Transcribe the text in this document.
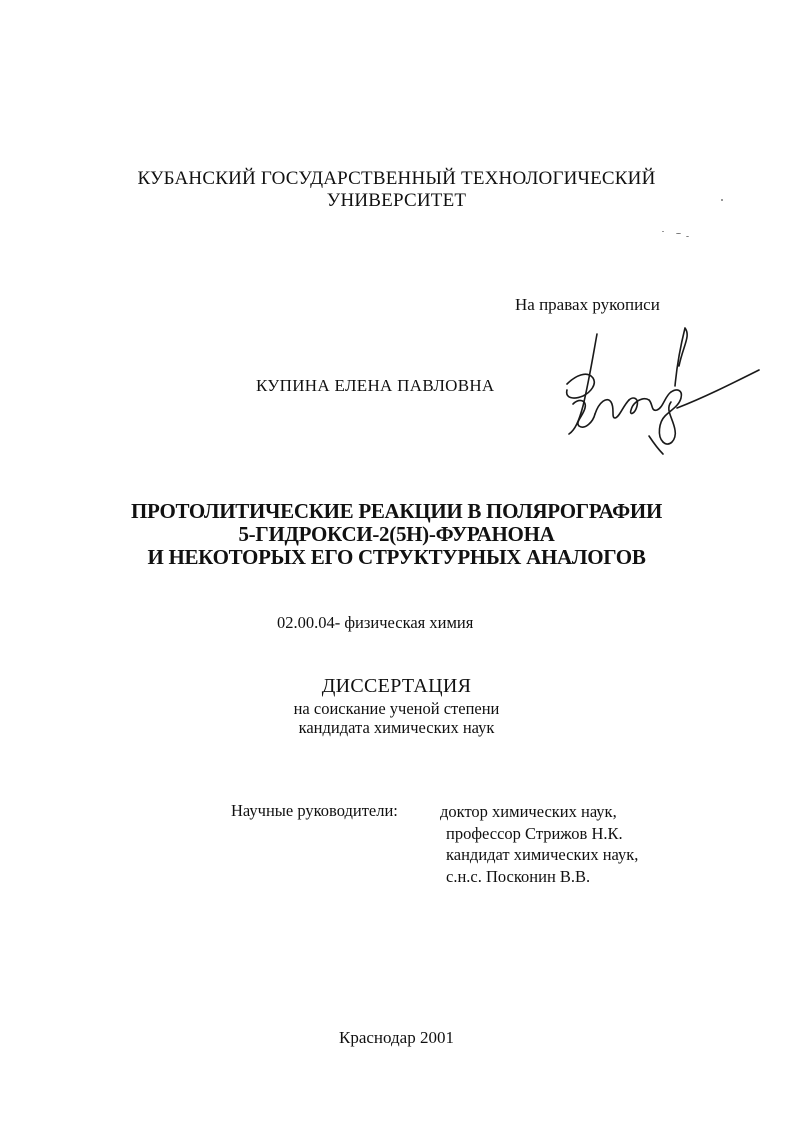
КУБАНСКИЙ ГОСУДАРСТВЕННЫЙ ТЕХНОЛОГИЧЕСКИЙ
УНИВЕРСИТЕТ
На правах рукописи
КУПИНА ЕЛЕНА ПАВЛОВНА
ПРОТОЛИТИЧЕСКИЕ РЕАКЦИИ В ПОЛЯРОГРАФИИ
5-ГИДРОКСИ-2(5Н)-ФУРАНОНА
И НЕКОТОРЫХ ЕГО СТРУКТУРНЫХ АНАЛОГОВ
02.00.04- физическая химия
ДИССЕРТАЦИЯ
на соискание ученой степени
кандидата химических наук
Научные руководители:	доктор химических наук,
профессор Стрижов Н.К.
кандидат химических наук,
с.н.с. Посконин В.В.
Краснодар 2001
